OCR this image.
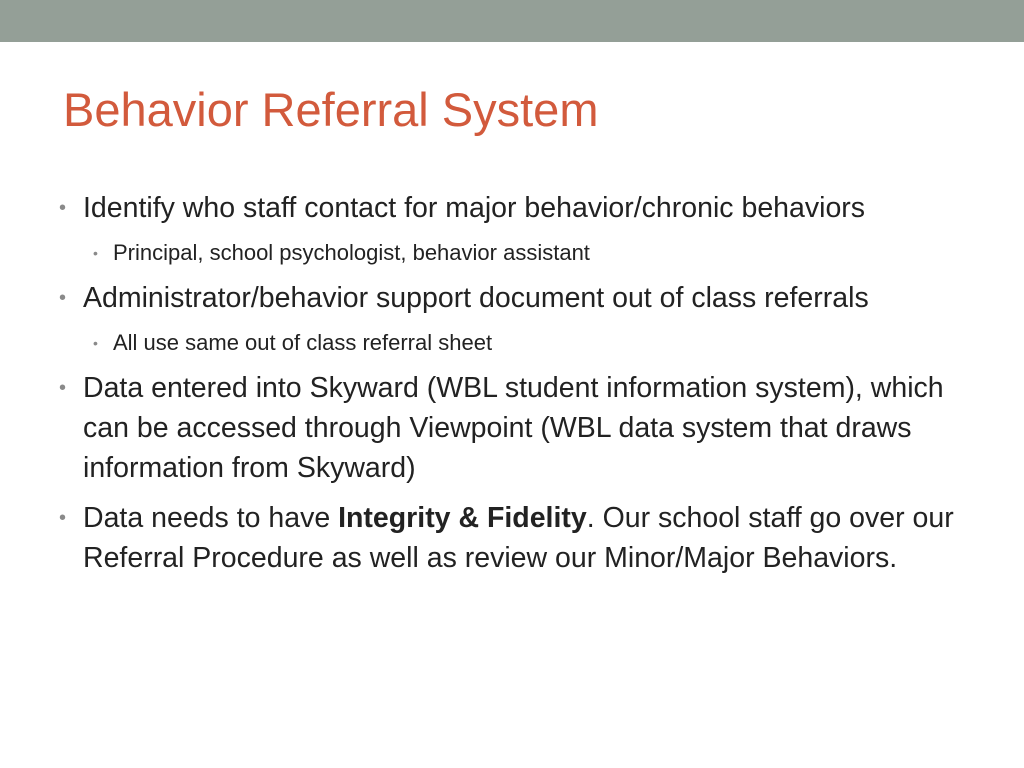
Behavior Referral System
• Identify who staff contact for major behavior/chronic behaviors
• Principal, school psychologist, behavior assistant
• Administrator/behavior support document out of class referrals
• All use same out of class referral sheet
• Data entered into Skyward (WBL student information system), which can be accessed through Viewpoint (WBL data system that draws information from Skyward)
• Data needs to have Integrity & Fidelity. Our school staff go over our Referral Procedure as well as review our Minor/Major Behaviors.
